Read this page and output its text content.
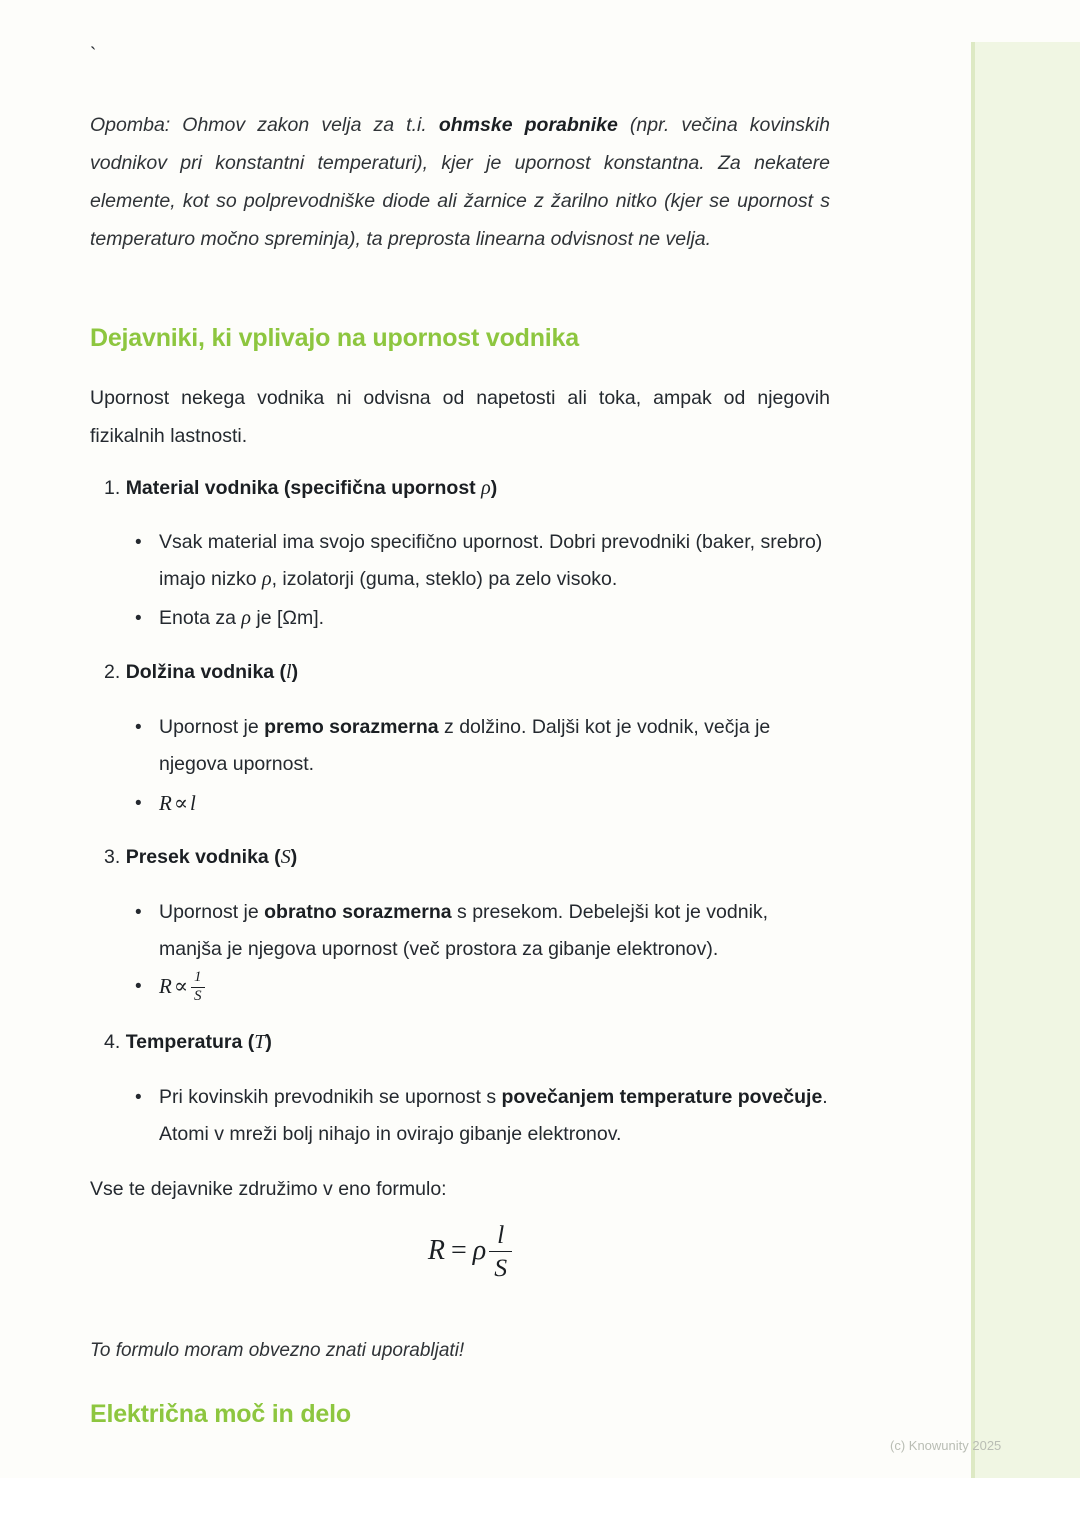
`
Opomba: Ohmov zakon velja za t.i. ohmske porabnike (npr. večina kovinskih vodnikov pri konstantni temperaturi), kjer je upornost konstantna. Za nekatere elemente, kot so polprevodniške diode ali žarnice z žarilno nitko (kjer se upornost s temperaturo močno spreminja), ta preprosta linearna odvisnost ne velja.
Dejavniki, ki vplivajo na upornost vodnika
Upornost nekega vodnika ni odvisna od napetosti ali toka, ampak od njegovih fizikalnih lastnosti.
1. Material vodnika (specifična upornost ρ)
• Vsak material ima svojo specifično upornost. Dobri prevodniki (baker, srebro) imajo nizko ρ, izolatorji (guma, steklo) pa zelo visoko.
• Enota za ρ je [Ωm].
2. Dolžina vodnika (l)
• Upornost je premo sorazmerna z dolžino. Daljši kot je vodnik, večja je njegova upornost.
• R∝l
3. Presek vodnika (S)
• Upornost je obratno sorazmerna s presekom. Debelejši kot je vodnik, manjša je njegova upornost (več prostora za gibanje elektronov).
• $R\propto \frac{1}{S}$
4. Temperatura (T)
• Pri kovinskih prevodnikih se upornost s povečanjem temperature povečuje. Atomi v mreži bolj nihajo in ovirajo gibanje elektronov.
Vse te dejavnike združimo v eno formulo:
R = ρ $\frac{l}{S}$
To formulo moram obvezno znati uporabljati!
Električna moč in delo
(c) Knowunity 2025
